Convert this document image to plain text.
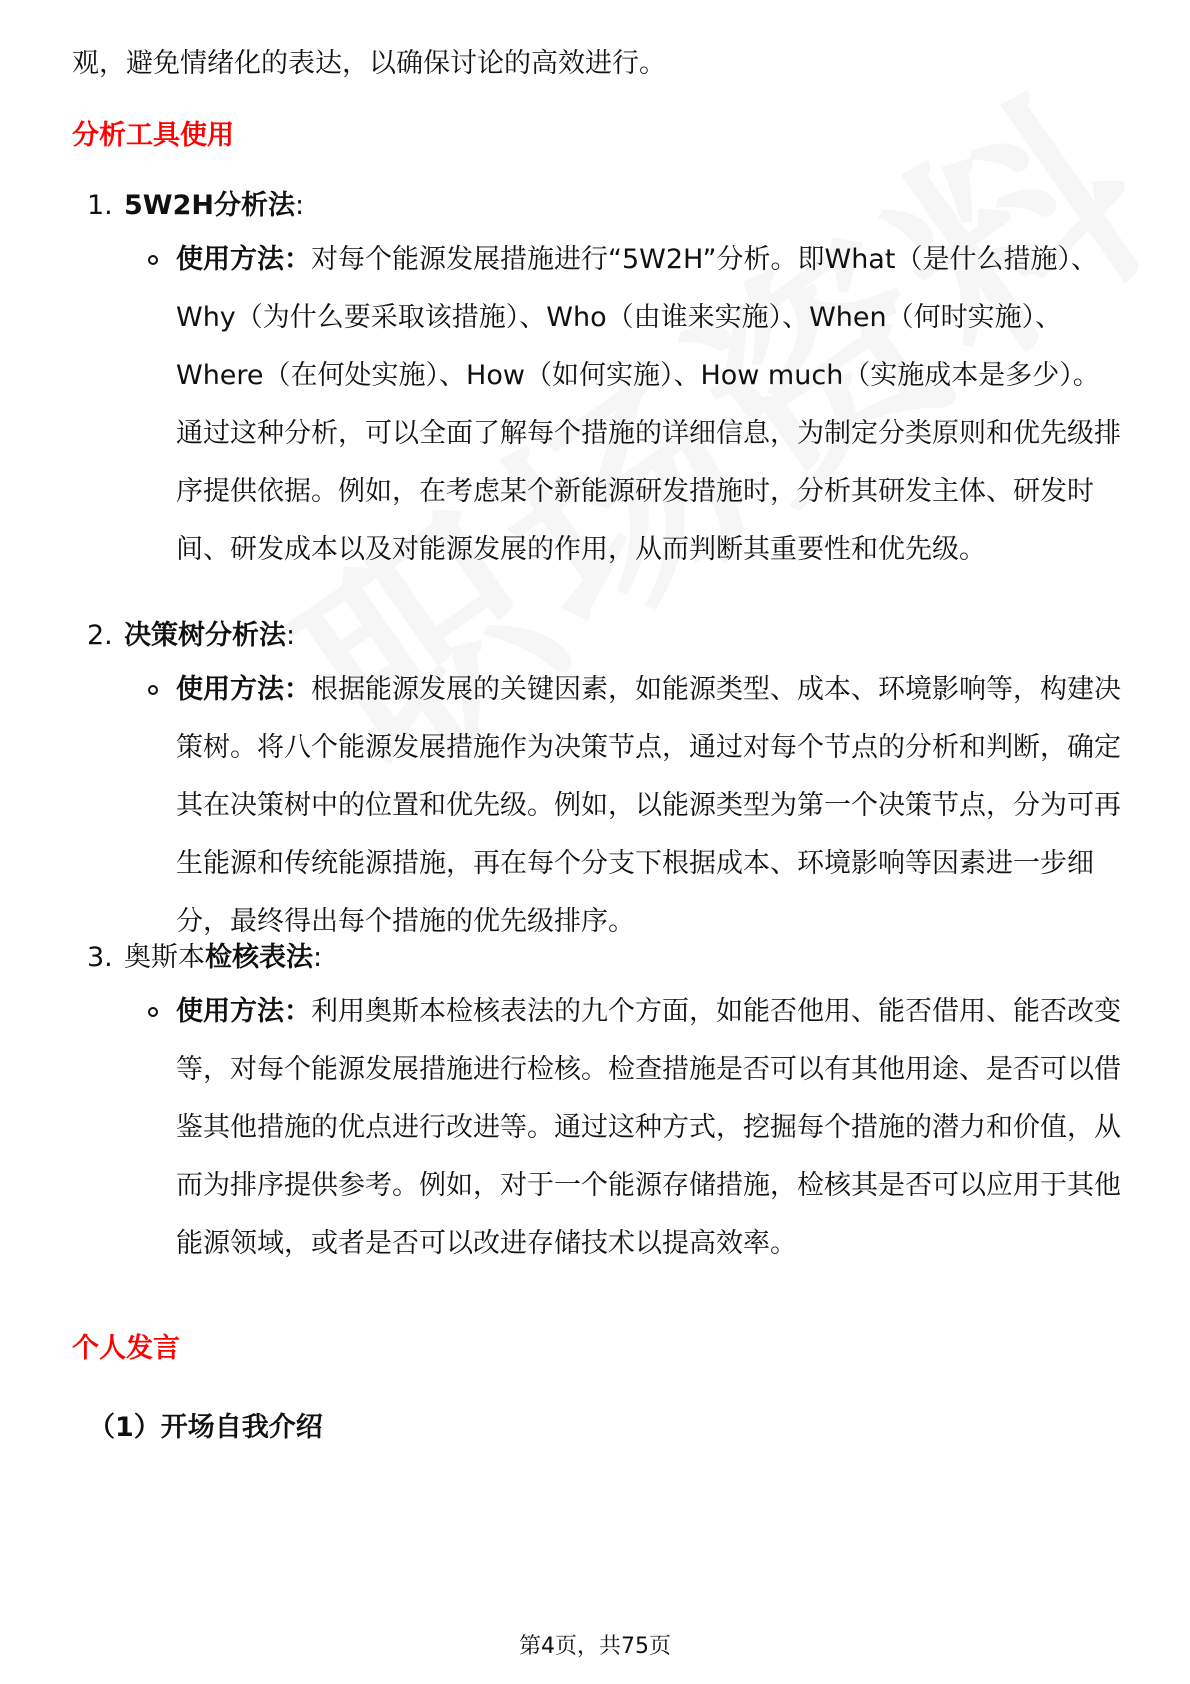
观，避免情绪化的表达，以确保讨论的高效进行。
分析工具使用
1. 5W2H分析法:
使用方法：对每个能源发展措施进行“5W2H”分析。即What（是什么措施）、Why（为什么要采取该措施）、Who（由谁来实施）、When（何时实施）、Where（在何处实施）、How（如何实施）、How much（实施成本是多少）。通过这种分析，可以全面了解每个措施的详细信息，为制定分类原则和优先级排序提供依据。例如，在考虑某个新能源研发措施时，分析其研发主体、研发时间、研发成本以及对能源发展的作用，从而判断其重要性和优先级。
2. 决策树分析法:
使用方法：根据能源发展的关键因素，如能源类型、成本、环境影响等，构建决策树。将八个能源发展措施作为决策节点，通过对每个节点的分析和判断，确定其在决策树中的位置和优先级。例如，以能源类型为第一个决策节点，分为可再生能源和传统能源措施，再在每个分支下根据成本、环境影响等因素进一步细分，最终得出每个措施的优先级排序。
3. 奥斯本检核表法:
使用方法：利用奥斯本检核表法的九个方面，如能否他用、能否借用、能否改变等，对每个能源发展措施进行检核。检查措施是否可以有其他用途、是否可以借鉴其他措施的优点进行改进等。通过这种方式，挖掘每个措施的潜力和价值，从而为排序提供参考。例如，对于一个能源存储措施，检核其是否可以应用于其他能源领域，或者是否可以改进存储技术以提高效率。
个人发言
（1）开场自我介绍
第4页，共75页
